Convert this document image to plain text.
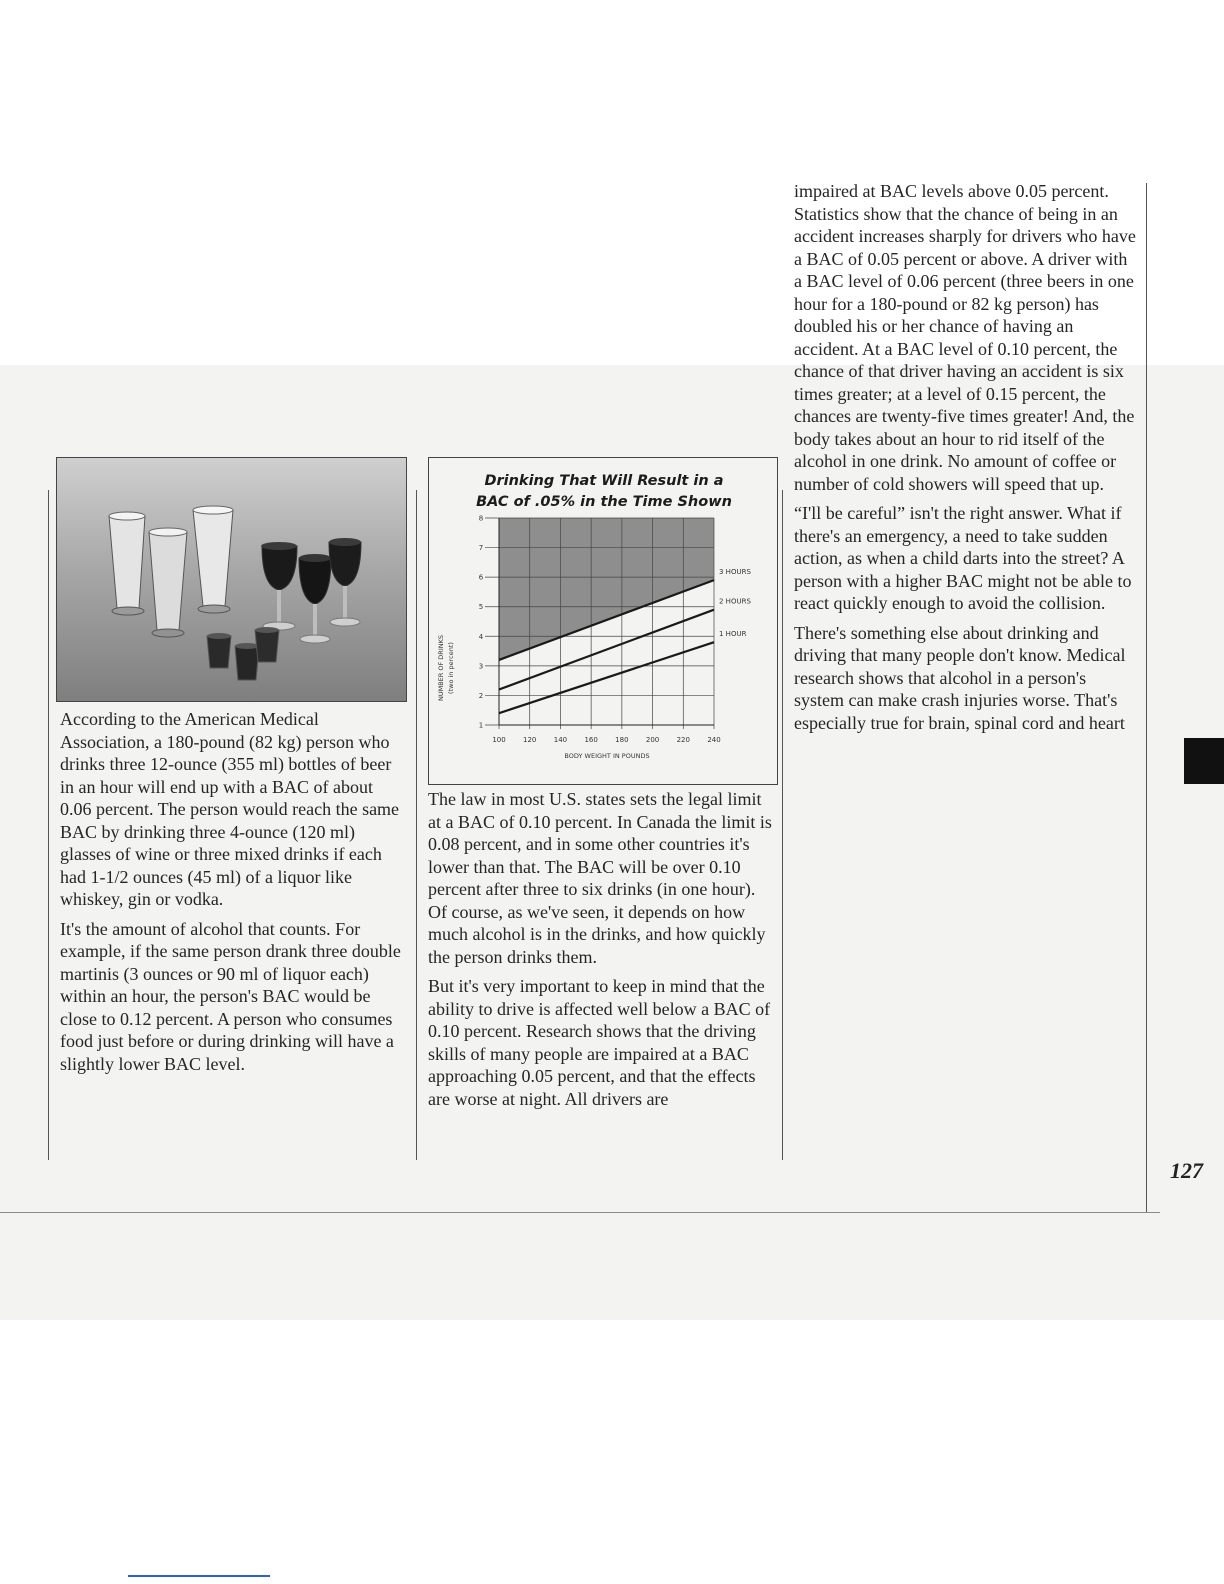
Drinking That Will Result in a
BAC of .05% in the Time Shown

NUMBER OF DRINKS (two in percent)
BODY WEIGHT IN POUNDS
1
2
3
4
5
6
7
8
100 120 140 160 180 200 220 240
3 HOURS
2 HOURS
1 HOUR

According to the American Medical Association, a 180-pound (82 kg) person who drinks three 12-ounce (355 ml) bottles of beer in an hour will end up with a BAC of about 0.06 percent. The person would reach the same BAC by drinking three 4-ounce (120 ml) glasses of wine or three mixed drinks if each had 1-1/2 ounces (45 ml) of a liquor like whiskey, gin or vodka.

It's the amount of alcohol that counts. For example, if the same person drank three double martinis (3 ounces or 90 ml of liquor each) within an hour, the person's BAC would be close to 0.12 percent. A person who consumes food just before or during drinking will have a slightly lower BAC level.

The law in most U.S. states sets the legal limit at a BAC of 0.10 percent. In Canada the limit is 0.08 percent, and in some other countries it's lower than that. The BAC will be over 0.10 percent after three to six drinks (in one hour). Of course, as we've seen, it depends on how much alcohol is in the drinks, and how quickly the person drinks them.

But it's very important to keep in mind that the ability to drive is affected well below a BAC of 0.10 percent. Research shows that the driving skills of many people are impaired at a BAC approaching 0.05 percent, and that the effects are worse at night. All drivers are

impaired at BAC levels above 0.05 percent. Statistics show that the chance of being in an accident increases sharply for drivers who have a BAC of 0.05 percent or above. A driver with a BAC level of 0.06 percent (three beers in one hour for a 180-pound or 82 kg person) has doubled his or her chance of having an accident. At a BAC level of 0.10 percent, the chance of that driver having an accident is six times greater; at a level of 0.15 percent, the chances are twenty-five times greater! And, the body takes about an hour to rid itself of the alcohol in one drink. No amount of coffee or number of cold showers will speed that up.

“I'll be careful” isn't the right answer. What if there's an emergency, a need to take sudden action, as when a child darts into the street? A person with a higher BAC might not be able to react quickly enough to avoid the collision.

There's something else about drinking and driving that many people don't know. Medical research shows that alcohol in a person's system can make crash injuries worse. That's especially true for brain, spinal cord and heart

127
